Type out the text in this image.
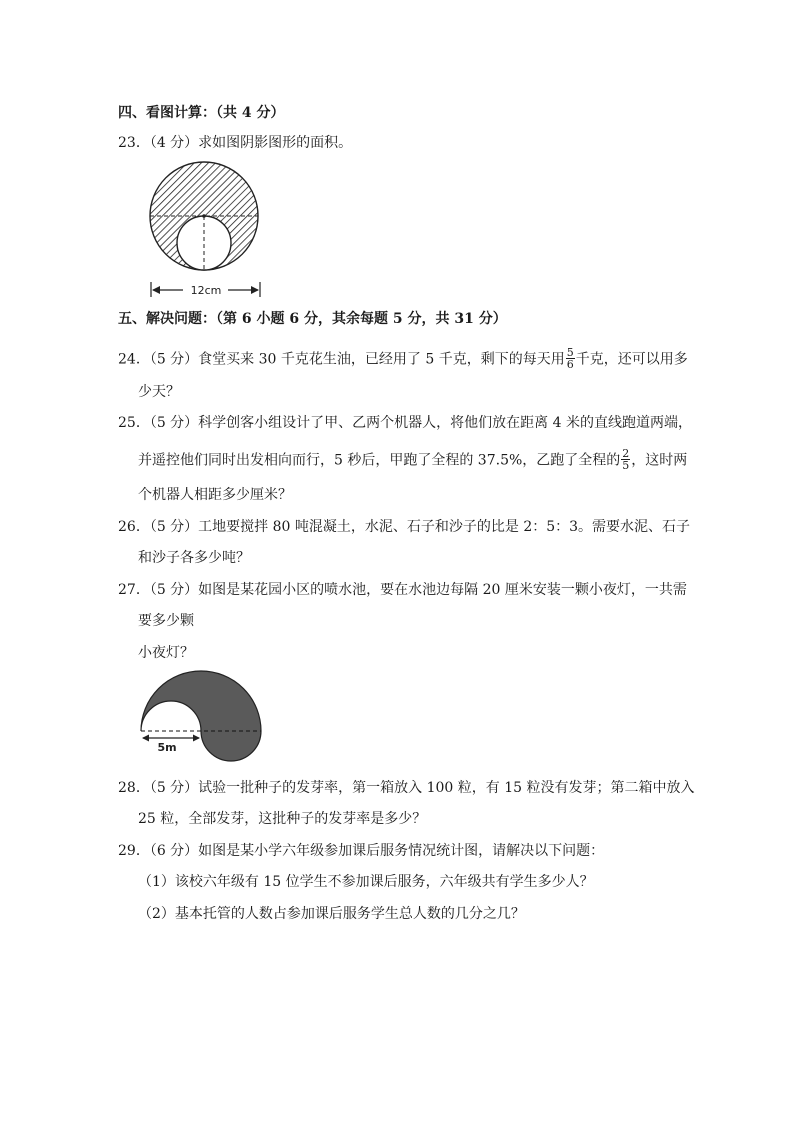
四、看图计算：（共 4 分）
23．（4 分）求如图阴影图形的面积。
12cm
五、解决问题：（第 6 小题 6 分，其余每题 5 分，共 31 分）
24．（5 分）食堂买来 30 千克花生油，已经用了 5 千克，剩下的每天用 $\frac{5}{6}$ 千克，还可以用多
少天？
25．（5 分）科学创客小组设计了甲、乙两个机器人，将他们放在距离 4 米的直线跑道两端，
并遥控他们同时出发相向而行，5 秒后，甲跑了全程的 37.5%，乙跑了全程的 $\frac{2}{5}$ ，这时两
个机器人相距多少厘米？
26．（5 分）工地要搅拌 80 吨混凝土，水泥、石子和沙子的比是 2：5：3。需要水泥、石子
和沙子各多少吨？
27．（5 分）如图是某花园小区的喷水池，要在水池边每隔 20 厘米安装一颗小夜灯，一共需
要多少颗
小夜灯？
5m
28．（5 分）试验一批种子的发芽率，第一箱放入 100 粒，有 15 粒没有发芽；第二箱中放入
25 粒，全部发芽，这批种子的发芽率是多少？
29．（6 分）如图是某小学六年级参加课后服务情况统计图，请解决以下问题：
（1）该校六年级有 15 位学生不参加课后服务，六年级共有学生多少人？
（2）基本托管的人数占参加课后服务学生总人数的几分之几？
